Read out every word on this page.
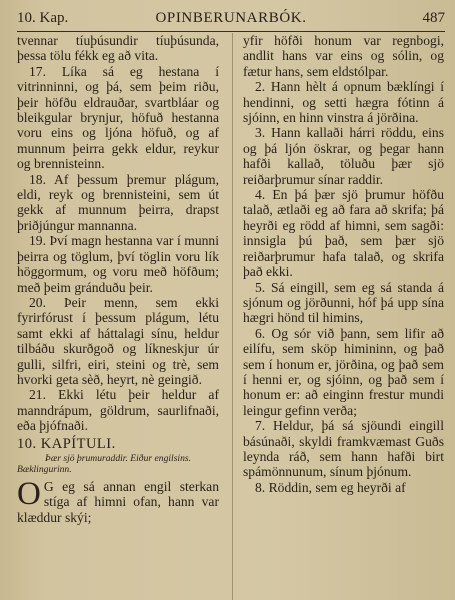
10. Kap.	OPINBERUNARBÓK.	487

tvennar tíuþúsundir tíuþúsunda, þessa tölu fékk eg að vita.

17. Líka sá eg hestana í vitrinninni, og þá, sem þeim riðu, þeir höfðu eldrauðar, svartbláar og bleikgular brynjur, höfuð hestanna voru eins og ljóna höfuð, og af munnum þeirra gekk eldur, reykur og brennisteinn.

18. Af þessum þremur plágum, eldi, reyk og brennisteini, sem út gekk af munnum þeirra, drapst þriðjúngur mannanna.

19. Því magn hestanna var í munni þeirra og töglum, því töglin voru lík höggormum, og voru með höfðum; með þeim gránduðu þeir.

20. Þeir menn, sem ekki fyrirfórust í þessum plágum, létu samt ekki af háttalagi sínu, heldur tilbáðu skurðgoð og líkneskjur úr gulli, silfri, eiri, steini og trè, sem hvorki geta sèð, heyrt, nè geingið.

21. Ekki létu þeir heldur af manndrápum, göldrum, saurlifnaði, eða þjófnaði.

10. KAPÍTULI.
Þær sjö þrumuraddir. Eiður engilsins. Bæklingurinn.

O G eg sá annan engil sterkan stíga af himni ofan, hann var klæddur skýi;

yfir höfði honum var regnbogi, andlit hans var eins og sólin, og fætur hans, sem eldstólpar.

2. Hann hèlt á opnum bæklíngi í hendinni, og setti hægra fótinn á sjóinn, en hinn vinstra á jörðina.

3. Hann kallaði hárri röddu, eins og þá ljón öskrar, og þegar hann hafði kallað, töluðu þær sjö reiðarþrumur sínar raddir.

4. En þá þær sjö þrumur höfðu talað, ætlaði eg að fara að skrifa; þá heyrði eg rödd af himni, sem sagði: innsigla þú það, sem þær sjö reiðarþrumur hafa talað, og skrifa það ekki.

5. Sá eingill, sem eg sá standa á sjónum og jörðunni, hóf þá upp sína hægri hönd til himins,

6. Og sór við þann, sem lifir að eilífu, sem sköp himininn, og það sem í honum er, jörðina, og það sem í henni er, og sjóinn, og það sem í honum er: að einginn frestur mundi leingur gefinn verða;

7. Heldur, þá sá sjöundi eingill básúnaði, skyldi framkvæmast Guðs leynda ráð, sem hann hafði birt spámönnunum, sínum þjónum.

8. Röddin, sem eg heyrði af
